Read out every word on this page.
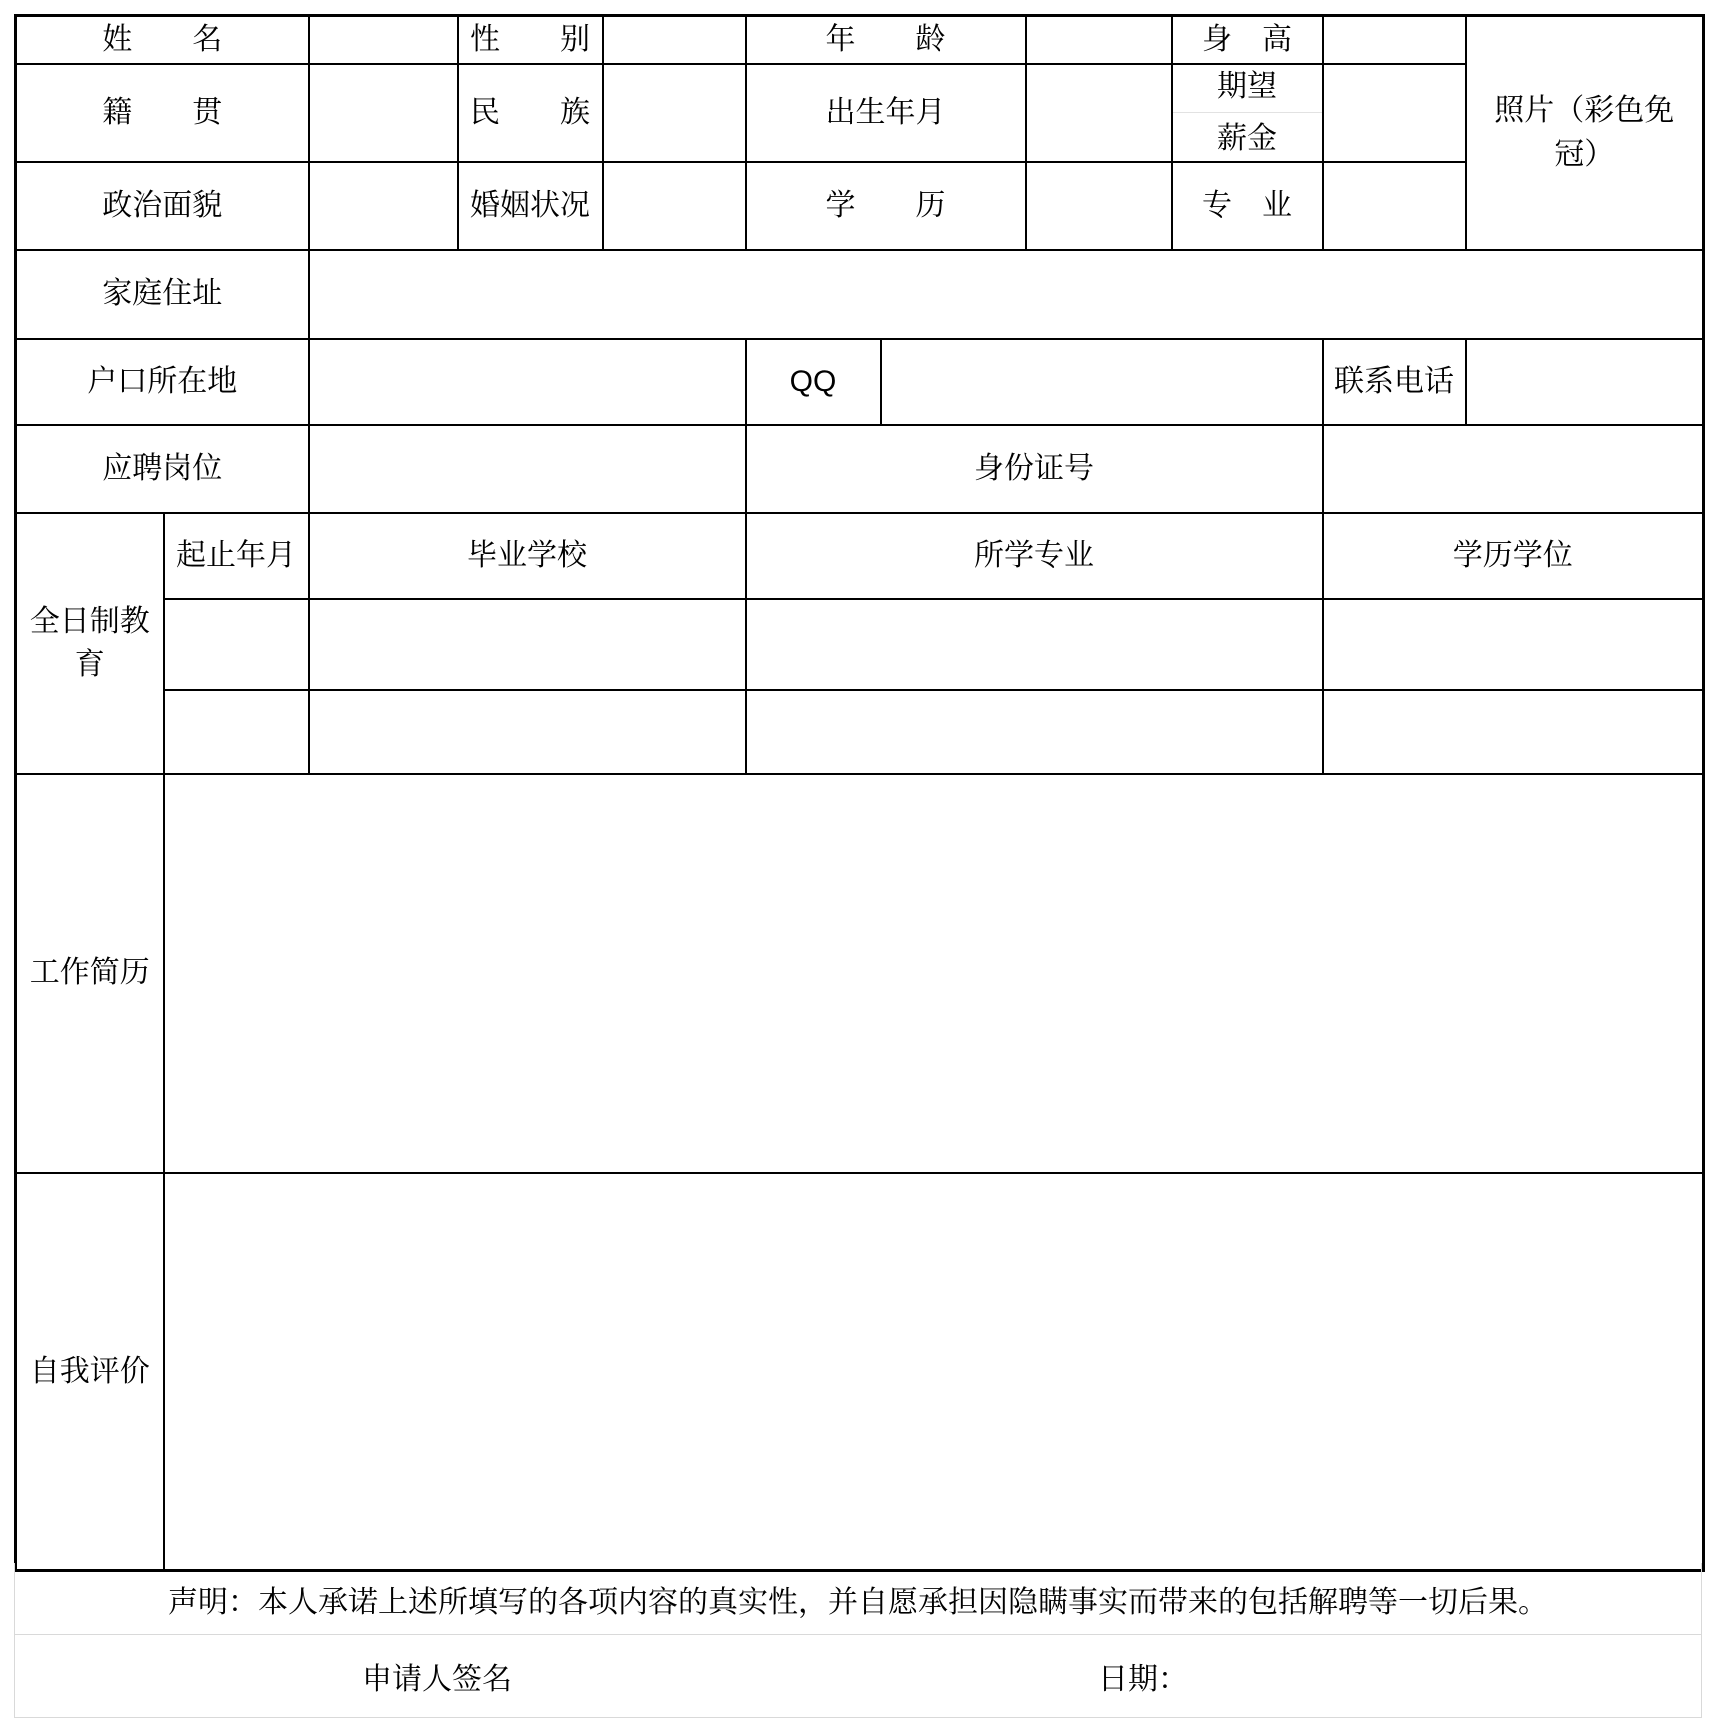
姓　　名			性　　别		年　　龄			身　高		照片（彩色免冠）

籍　　贯			民　　族		出生年月			期望
薪金		

政治面貌			婚姻状况		学　　历			专　业		
家庭住址										
户口所在地					QQ				联系电话	
应聘岗位					身份证号					
全日制教育	起止年月	毕业学校			所学专业				学历学位	

工作简历										
自我评价										
声明：本人承诺上述所填写的各项内容的真实性，并自愿承担因隐瞒事实而带来的包括解聘等一切后果。
申请人签名	日期：
